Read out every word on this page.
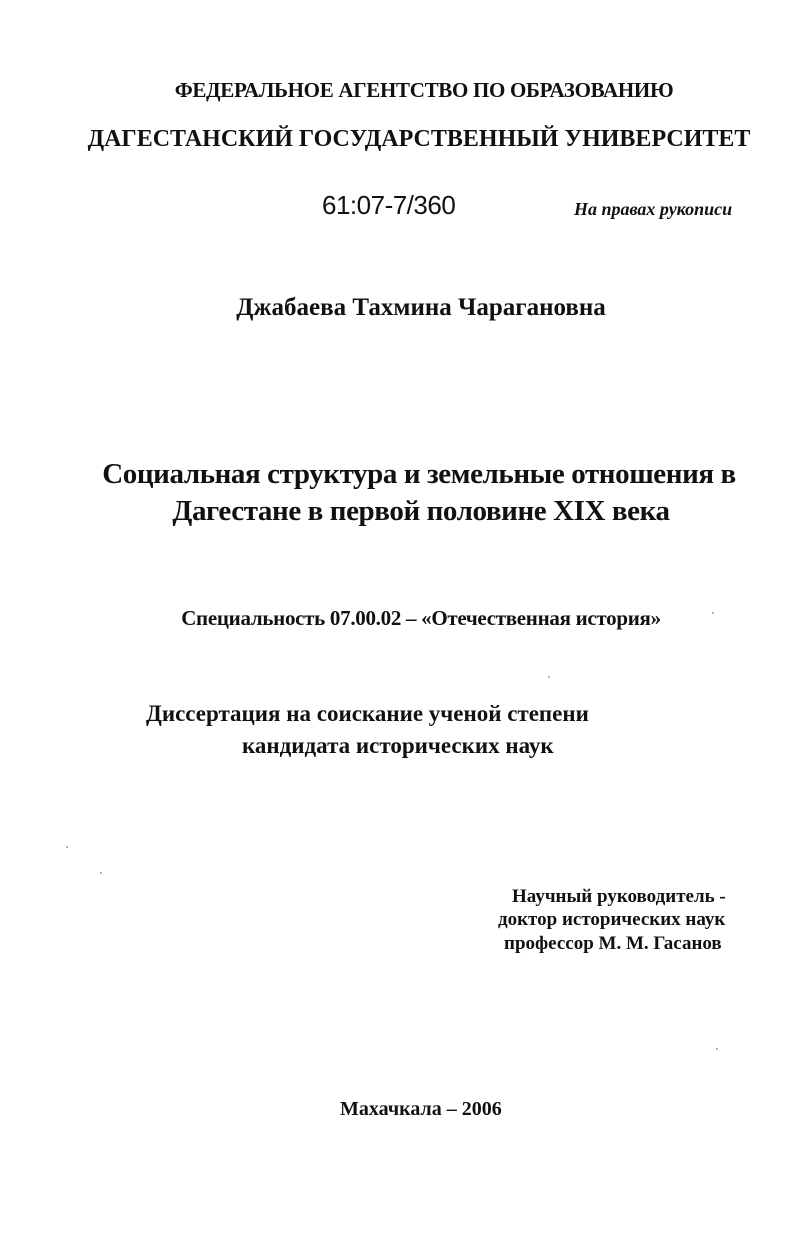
ФЕДЕРАЛЬНОЕ АГЕНТСТВО ПО ОБРАЗОВАНИЮ
ДАГЕСТАНСКИЙ ГОСУДАРСТВЕННЫЙ УНИВЕРСИТЕТ
61:07-7/360	На правах рукописи
Джабаева Тахмина Чарагановна
Социальная структура и земельные отношения в
Дагестане в первой половине XIX века
Специальность 07.00.02 – «Отечественная история»
Диссертация на соискание ученой степени
кандидата исторических наук
Научный руководитель -
доктор исторических наук
профессор М. М. Гасанов
Махачкала – 2006
